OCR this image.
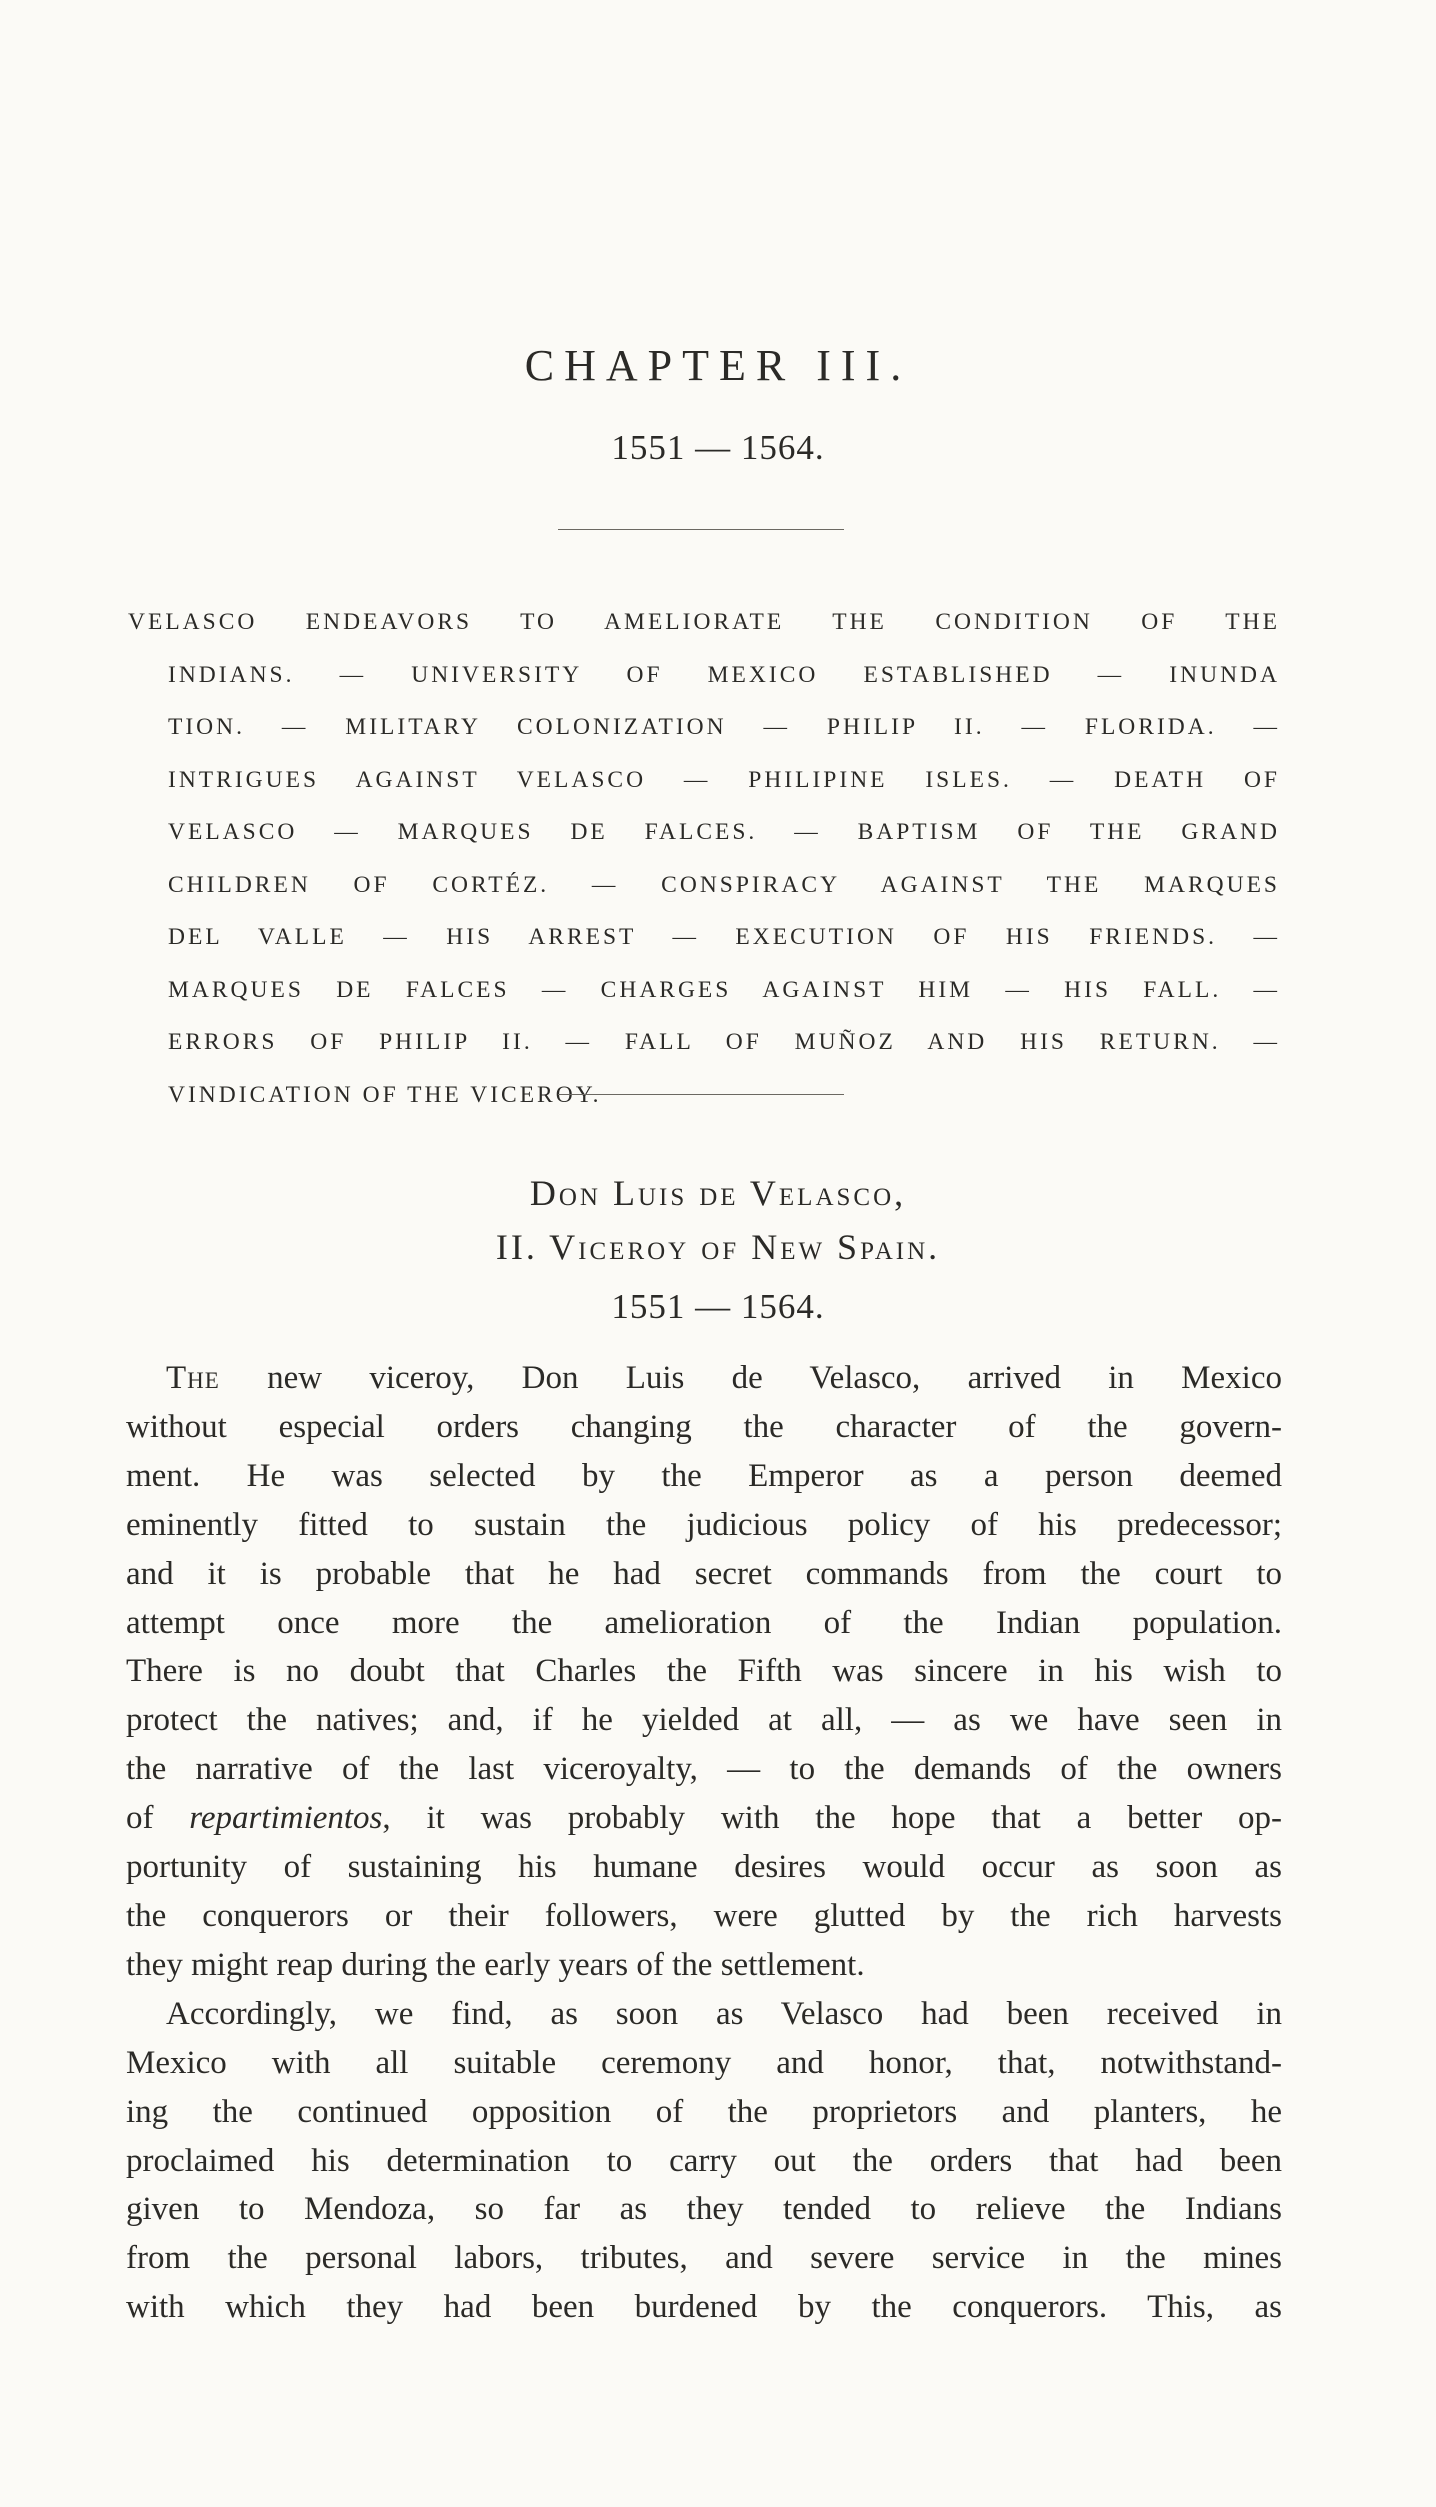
CHAPTER III.
1551 — 1564.
VELASCO ENDEAVORS TO AMELIORATE THE CONDITION OF THE
INDIANS. — UNIVERSITY OF MEXICO ESTABLISHED — INUNDA
TION. — MILITARY COLONIZATION — PHILIP II. — FLORIDA. —
INTRIGUES AGAINST VELASCO — PHILIPINE ISLES. — DEATH OF
VELASCO — MARQUES DE FALCES. — BAPTISM OF THE GRAND
CHILDREN OF CORTÉZ. — CONSPIRACY AGAINST THE MARQUES
DEL VALLE — HIS ARREST — EXECUTION OF HIS FRIENDS. —
MARQUES DE FALCES — CHARGES AGAINST HIM — HIS FALL. —
ERRORS OF PHILIP II. — FALL OF MUÑOZ AND HIS RETURN. —
VINDICATION OF THE VICEROY.
Don Luis de Velasco,
II. Viceroy of New Spain.
1551 — 1564.
The new viceroy, Don Luis de Velasco, arrived in Mexico
without especial orders changing the character of the govern-
ment. He was selected by the Emperor as a person deemed
eminently fitted to sustain the judicious policy of his predecessor;
and it is probable that he had secret commands from the court to
attempt once more the amelioration of the Indian population.
There is no doubt that Charles the Fifth was sincere in his wish to
protect the natives; and, if he yielded at all, — as we have seen in
the narrative of the last viceroyalty, — to the demands of the owners
of repartimientos, it was probably with the hope that a better op-
portunity of sustaining his humane desires would occur as soon as
the conquerors or their followers, were glutted by the rich harvests
they might reap during the early years of the settlement.
Accordingly, we find, as soon as Velasco had been received in
Mexico with all suitable ceremony and honor, that, notwithstand-
ing the continued opposition of the proprietors and planters, he
proclaimed his determination to carry out the orders that had been
given to Mendoza, so far as they tended to relieve the Indians
from the personal labors, tributes, and severe service in the mines
with which they had been burdened by the conquerors. This, as
